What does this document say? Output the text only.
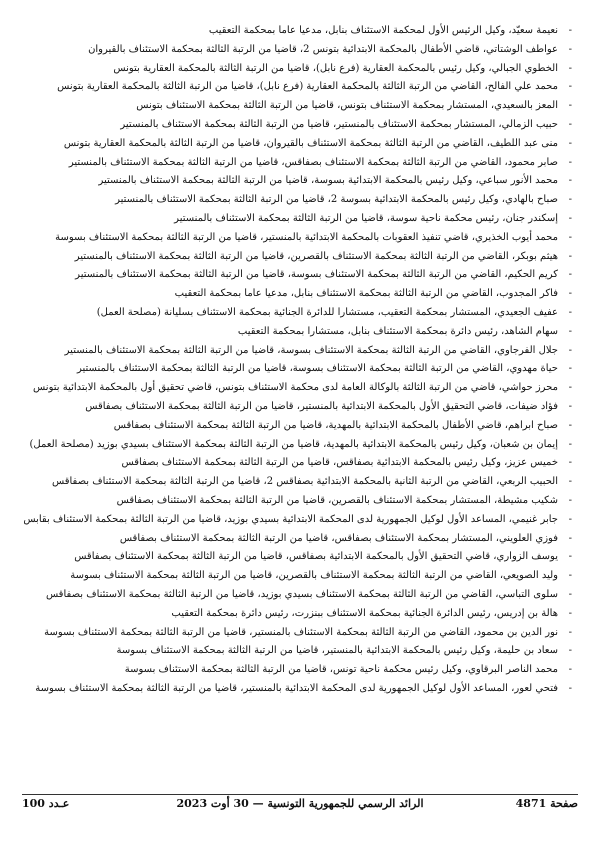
- نعيمة سعيّد، وكيل الرئيس الأول لمحكمة الاستئناف بنابل، مدعيا عاما بمحكمة التعقيب
- عواطف الوشتاتي، قاضي الأطفال بالمحكمة الابتدائية بتونس 2، قاضيا من الرتبة الثالثة بمحكمة الاستئناف بالقيروان
- الخطوي الجبالي، وكيل رئيس بالمحكمة العقارية (فرع نابل)، قاضيا من الرتبة الثالثة بالمحكمة العقارية بتونس
- محمد علي الفالح، القاضي من الرتبة الثالثة بالمحكمة العقارية (فرع نابل)، قاضيا من الرتبة الثالثة بالمحكمة العقارية بتونس
- المعز بالسعيدي، المستشار بمحكمة الاستئناف بتونس، قاضيا من الرتبة الثالثة بمحكمة الاستئناف بتونس
- حبيب الزمالي، المستشار بمحكمة الاستئناف بالمنستير، قاضيا من الرتبة الثالثة بمحكمة الاستئناف بالمنستير
- منى عبد اللطيف، القاضي من الرتبة الثالثة بمحكمة الاستئناف بالقيروان، قاضيا من الرتبة الثالثة بالمحكمة العقارية بتونس
- صابر محمود، القاضي من الرتبة الثالثة بمحكمة الاستئناف بصفاقس، قاضيا من الرتبة الثالثة بمحكمة الاستئناف بالمنستير
- محمد الأنور سباعي، وكيل رئيس بالمحكمة الابتدائية بسوسة، قاضيا من الرتبة الثالثة بمحكمة الاستئناف بالمنستير
- صباح بالهادي، وكيل رئيس بالمحكمة الابتدائية بسوسة 2، قاضيا من الرتبة الثالثة بمحكمة الاستئناف بالمنستير
- إسكندر جنان، رئيس محكمة ناحية سوسة، قاضيا من الرتبة الثالثة بمحكمة الاستئناف بالمنستير
- محمد أيوب الخذيري، قاضي تنفيذ العقوبات بالمحكمة الابتدائية بالمنستير، قاضيا من الرتبة الثالثة بمحكمة الاستئناف بسوسة
- هيثم بوبكر، القاضي من الرتبة الثالثة بمحكمة الاستئناف بالقصرين، قاضيا من الرتبة الثالثة بمحكمة الاستئناف بالمنستير
- كريم الحكيم، القاضي من الرتبة الثالثة بمحكمة الاستئناف بسوسة، قاضيا من الرتبة الثالثة بمحكمة الاستئناف بالمنستير
- فاكر المجدوب، القاضي من الرتبة الثالثة بمحكمة الاستئناف بنابل، مدعيا عاما بمحكمة التعقيب
- عفيف الجعيدي، المستشار بمحكمة التعقيب، مستشارا للدائرة الجنائية بمحكمة الاستئناف بسليانة (مصلحة العمل)
- سهام الشاهد، رئيس دائرة بمحكمة الاستئناف بنابل، مستشارا بمحكمة التعقيب
- جلال الفرجاوي، القاضي من الرتبة الثالثة بمحكمة الاستئناف بسوسة، قاضيا من الرتبة الثالثة بمحكمة الاستئناف بالمنستير
- حياة مهدوي، القاضي من الرتبة الثالثة بمحكمة الاستئناف بسوسة، قاضيا من الرتبة الثالثة بمحكمة الاستئناف بالمنستير
- محرز حواشي، قاضي من الرتبة الثالثة بالوكالة العامة لدى محكمة الاستئناف بتونس، قاضي تحقيق أول بالمحكمة الابتدائية بتونس
- فؤاد ضيفات، قاضي التحقيق الأول بالمحكمة الابتدائية بالمنستير، قاضيا من الرتبة الثالثة بمحكمة الاستئناف بصفاقس
- صباح ابراهم، قاضي الأطفال بالمحكمة الابتدائية بالمهدية، قاضيا من الرتبة الثالثة بمحكمة الاستئناف بصفاقس
- إيمان بن شعبان، وكيل رئيس بالمحكمة الابتدائية بالمهدية، قاضيا من الرتبة الثالثة بمحكمة الاستئناف بسيدي بوزيد (مصلحة العمل)
- خميس عزيز، وكيل رئيس بالمحكمة الابتدائية بصفاقس، قاضيا من الرتبة الثالثة بمحكمة الاستئناف بصفاقس
- الحبيب الربعي، القاضي من الرتبة الثانية بالمحكمة الابتدائية بصفاقس 2، قاضيا من الرتبة الثالثة بمحكمة الاستئناف بصفاقس
- شكيب مشيطة، المستشار بمحكمة الاستئناف بالقصرين، قاضيا من الرتبة الثالثة بمحكمة الاستئناف بصفاقس
- جابر غنيمي، المساعد الأول لوكيل الجمهورية لدى المحكمة الابتدائية بسيدي بوزيد، قاضيا من الرتبة الثالثة بمحكمة الاستئناف بقابس
- فوزي العلويني، المستشار بمحكمة الاستئناف بصفاقس، قاضيا من الرتبة الثالثة بمحكمة الاستئناف بصفاقس
- يوسف الزواري، قاضي التحقيق الأول بالمحكمة الابتدائية بصفاقس، قاضيا من الرتبة الثالثة بمحكمة الاستئناف بصفاقس
- وليد الصويعي، القاضي من الرتبة الثالثة بمحكمة الاستئناف بالقصرين، قاضيا من الرتبة الثالثة بمحكمة الاستئناف بسوسة
- سلوى التباسي، القاضي من الرتبة الثالثة بمحكمة الاستئناف بسيدي بوزيد، قاضيا من الرتبة الثالثة بمحكمة الاستئناف بصفاقس
- هالة بن إدريس، رئيس الدائرة الجنائية بمحكمة الاستئناف ببنزرت، رئيس دائرة بمحكمة التعقيب
- نور الدين بن محمود، القاضي من الرتبة الثالثة بمحكمة الاستئناف بالمنستير، قاضيا من الرتبة الثالثة بمحكمة الاستئناف بسوسة
- سعاد بن حليمة، وكيل رئيس بالمحكمة الابتدائية بالمنستير، قاضيا من الرتبة الثالثة بمحكمة الاستئناف بسوسة
- محمد الناصر البرقاوي، وكيل رئيس محكمة ناحية تونس، قاضيا من الرتبة الثالثة بمحكمة الاستئناف بسوسة
- فتحي لعور، المساعد الأول لوكيل الجمهورية لدى المحكمة الابتدائية بالمنستير، قاضيا من الرتبة الثالثة بمحكمة الاستئناف بسوسة
صفحة 4871
الرائد الرسمي للجمهورية التونسية — 30 أوت 2023
عـدد 100
